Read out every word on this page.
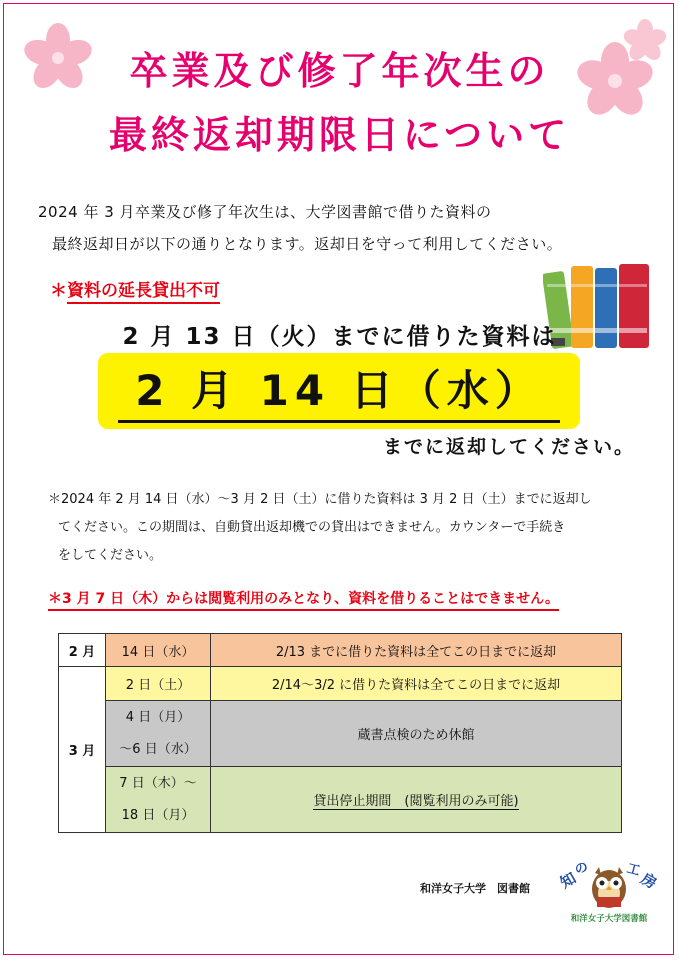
卒業及び修了年次生の
最終返却期限日について
2024 年 3 月卒業及び修了年次生は、大学図書館で借りた資料の
最終返却日が以下の通りとなります。返却日を守って利用してください。
＊資料の延長貸出不可
2 月 13 日（火）までに借りた資料は
2 月 14 日（水）
までに返却してください。
＊2024 年 2 月 14 日（水）～3 月 2 日（土）に借りた資料は 3 月 2 日（土）までに返却し
てください。この期間は、自動貸出返却機での貸出はできません。カウンターで手続き
をしてください。
＊3 月 7 日（木）からは閲覧利用のみとなり、資料を借りることはできません。
2 月	14 日（水）	2/13 までに借りた資料は全てこの日までに返却
3 月	2 日（土）	2/14～3/2 に借りた資料は全てこの日までに返却

	4 日（月）
～6 日（水）	蔵書点検のため休館

	7 日（木）～
18 日（月）	貸出停止期間　(閲覧利用のみ可能)
和洋女子大学　図書館 知
の	工
房
和洋女子大学図書館
